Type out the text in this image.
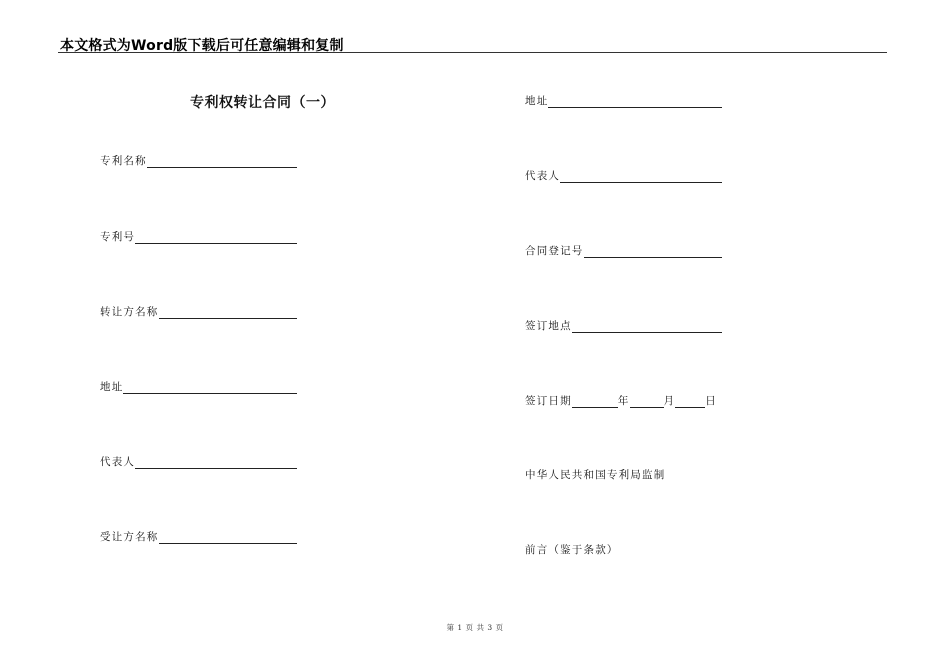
本文格式为Word版下载后可任意编辑和复制
专利权转让合同（一）
专利名称
专利号
转让方名称
地址
代表人
受让方名称
地址
代表人
合同登记号
签订地点
签订日期	年	月	日
中华人民共和国专利局监制
前言（鉴于条款）
第 1 页 共 3 页
